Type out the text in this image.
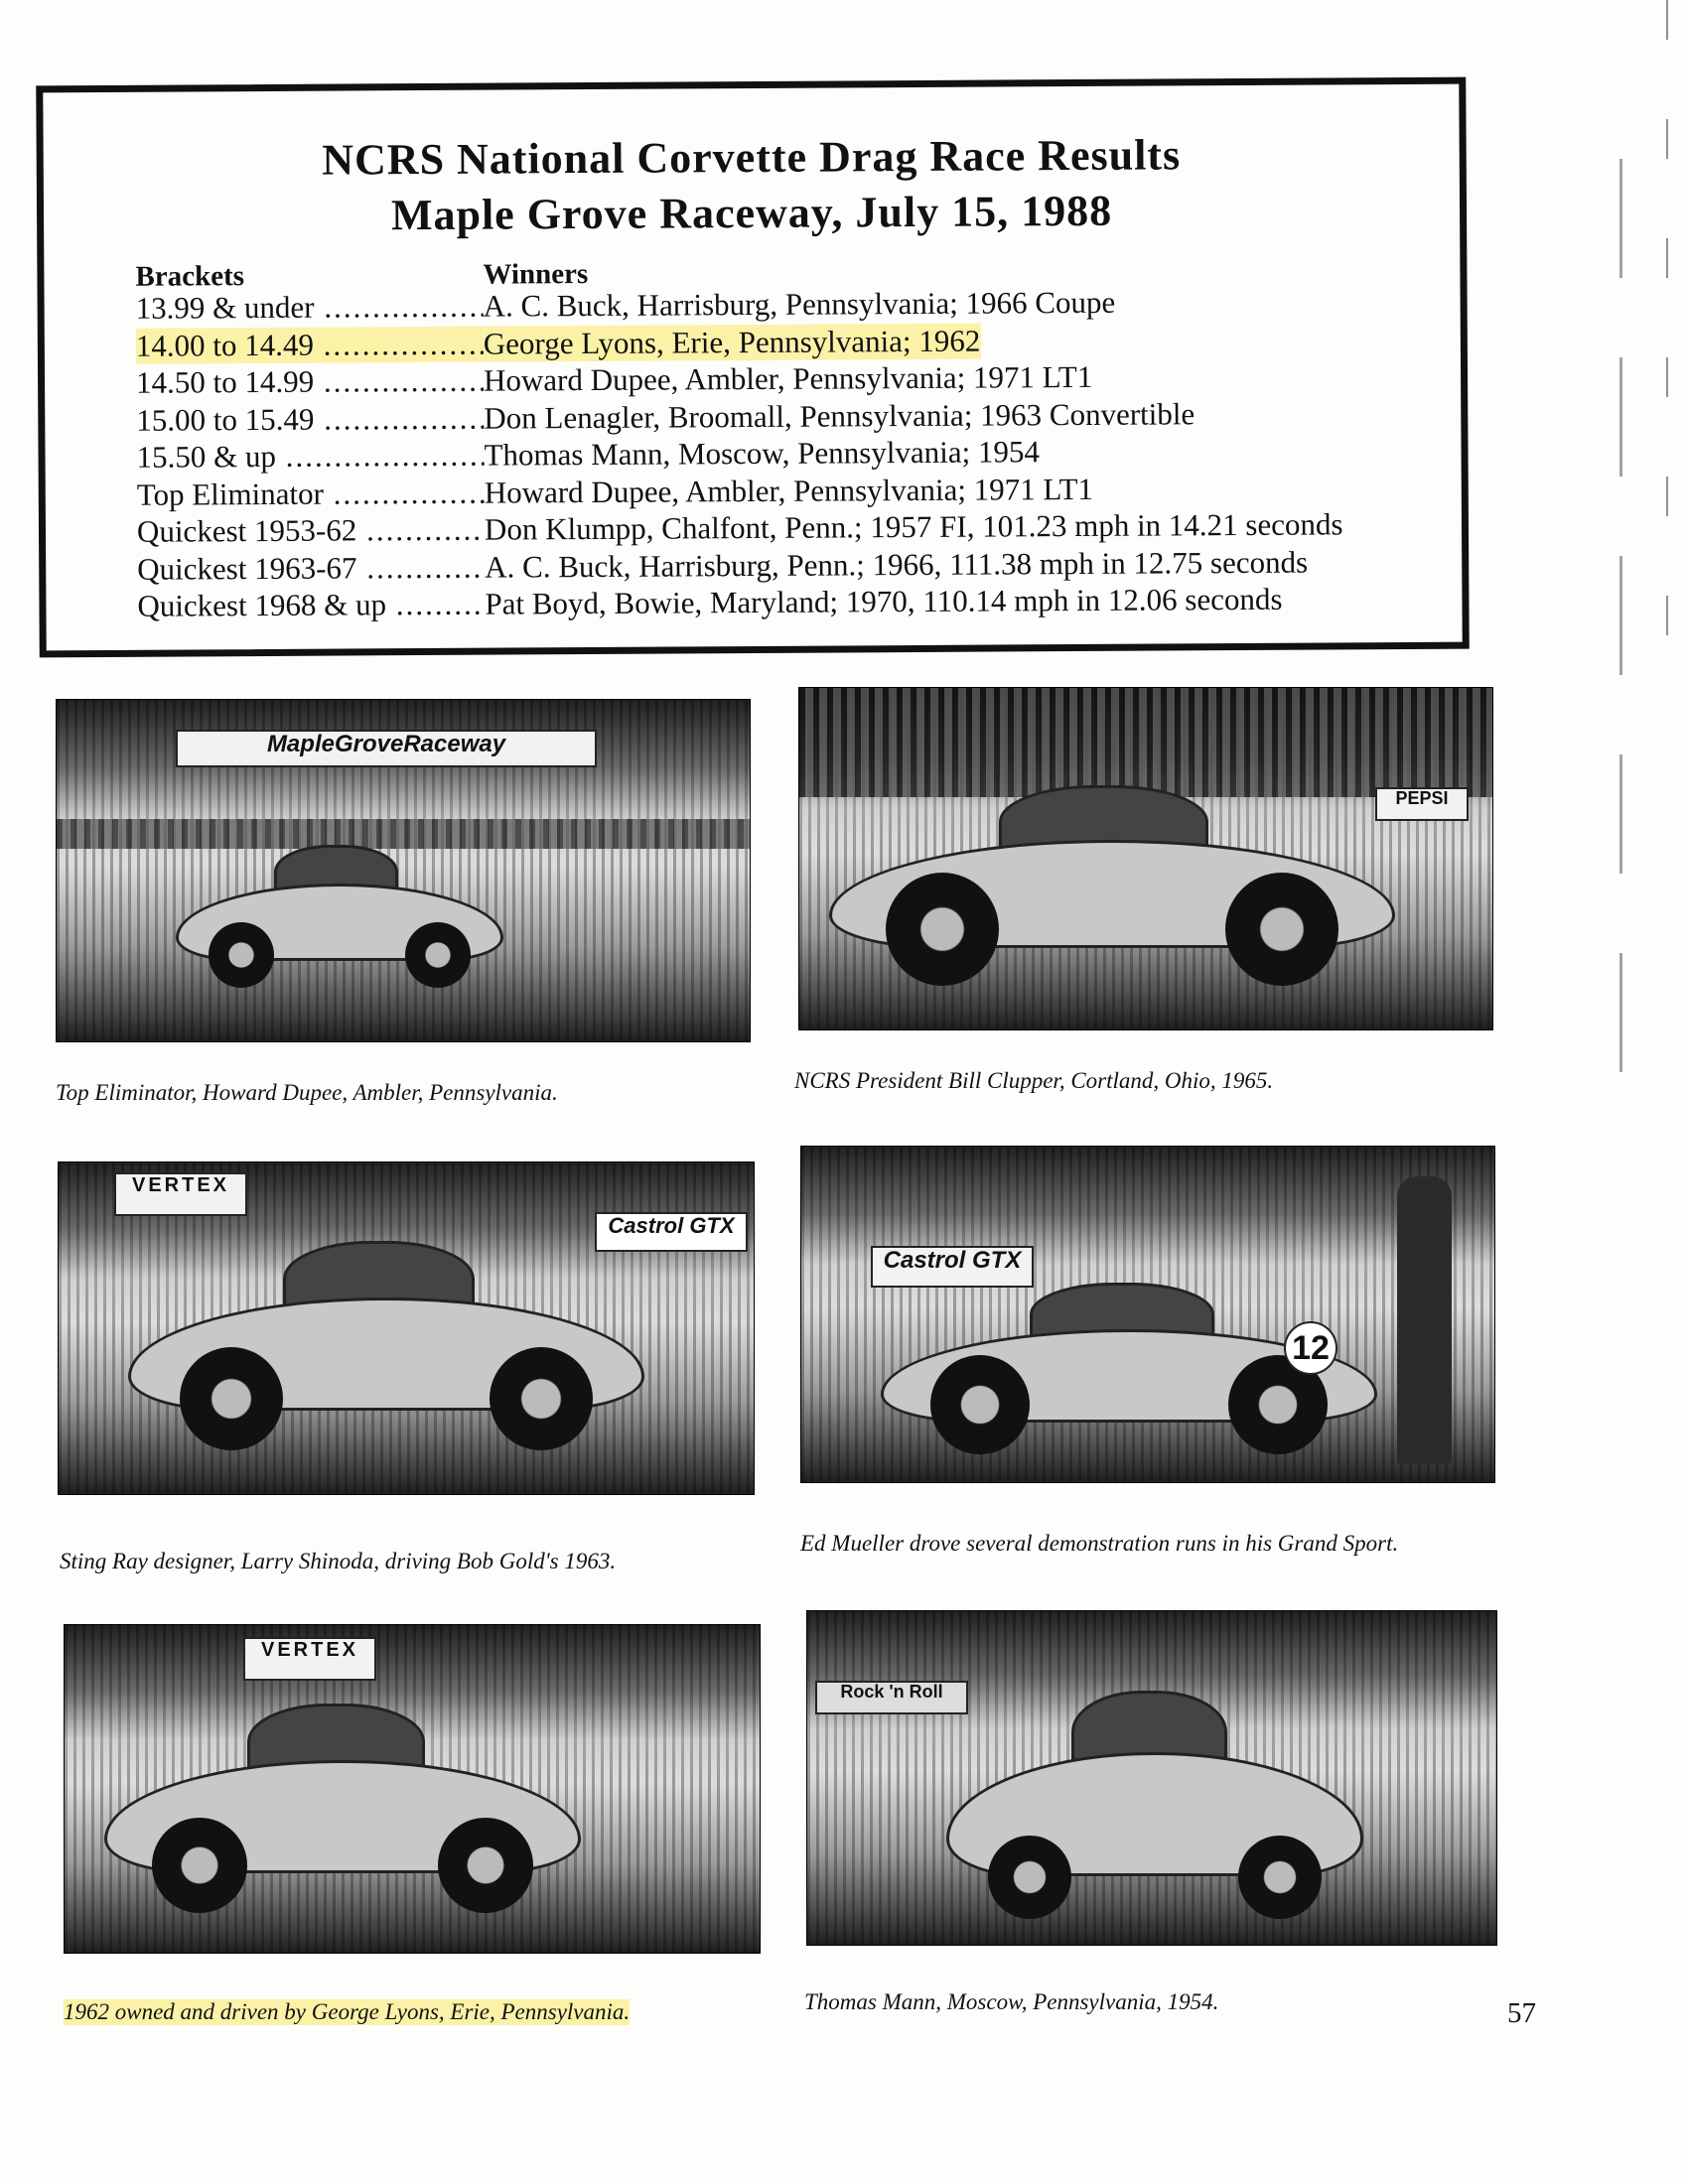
NCRS National Corvette Drag Race Results
Maple Grove Raceway, July 15, 1988
Brackets	Winners
13.99 & under .....	A. C. Buck, Harrisburg, Pennsylvania; 1966 Coupe
14.00 to 14.49 .....	George Lyons, Erie, Pennsylvania; 1962
14.50 to 14.99 .....	Howard Dupee, Ambler, Pennsylvania; 1971 LT1
15.00 to 15.49 .....	Don Lenagler, Broomall, Pennsylvania; 1963 Convertible
15.50 & up .....	Thomas Mann, Moscow, Pennsylvania; 1954
Top Eliminator .....	Howard Dupee, Ambler, Pennsylvania; 1971 LT1
Quickest 1953-62 .....	Don Klumpp, Chalfont, Penn.; 1957 FI, 101.23 mph in 14.21 seconds
Quickest 1963-67 .....	A. C. Buck, Harrisburg, Penn.; 1966, 111.38 mph in 12.75 seconds
Quickest 1968 & up .....	Pat Boyd, Bowie, Maryland; 1970, 110.14 mph in 12.06 seconds
MapleGroveRaceway
Top Eliminator, Howard Dupee, Ambler, Pennsylvania.
PEPSI
NCRS President Bill Clupper, Cortland, Ohio, 1965.
VERTEX
Castrol GTX
Sting Ray designer, Larry Shinoda, driving Bob Gold's 1963.
Castrol GTX
12
Ed Mueller drove several demonstration runs in his Grand Sport.
VERTEX
1962 owned and driven by George Lyons, Erie, Pennsylvania.
Rock 'n Roll
Thomas Mann, Moscow, Pennsylvania, 1954.	57
